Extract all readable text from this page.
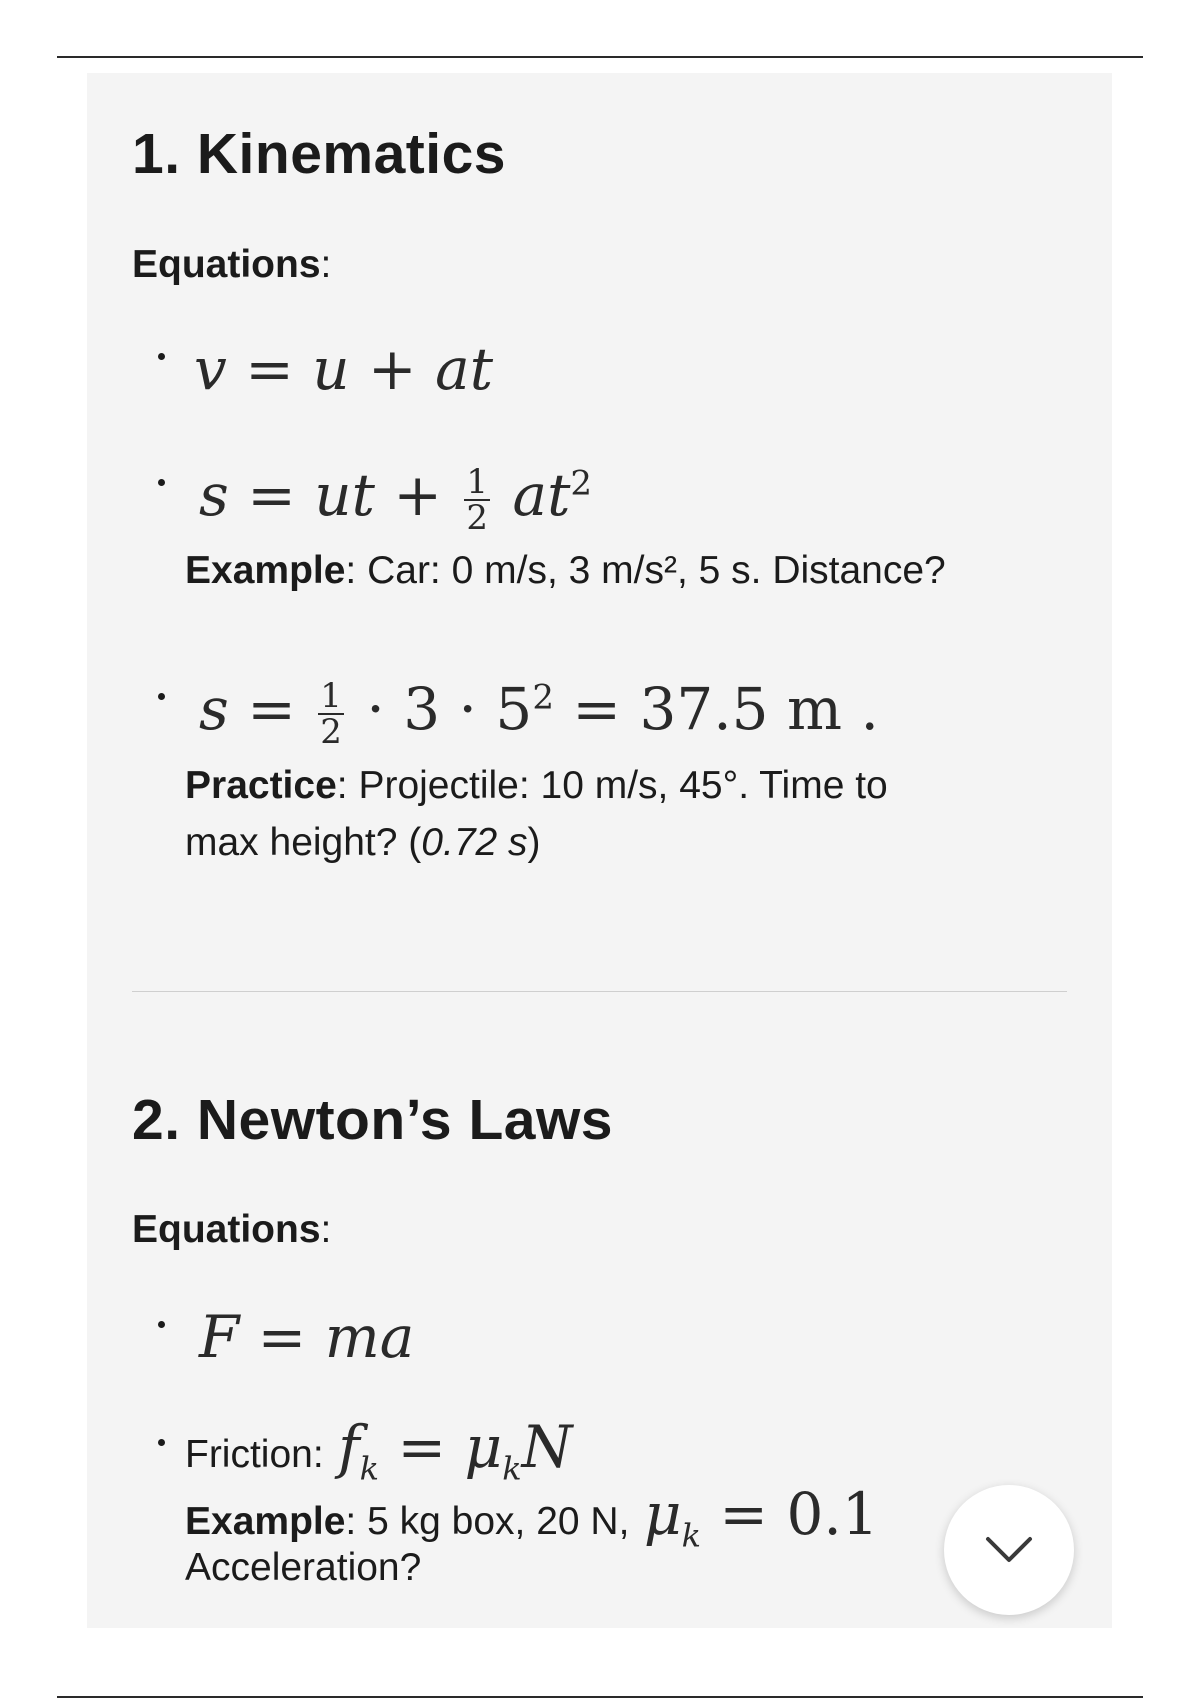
1. Kinematics
Equations:
v = u + at
s = ut + $\frac{1}{2} at^2$
Example: Car: 0 m/s, 3 m/s², 5 s. Distance?
$s = \frac{1}{2} \cdot 3 \cdot 5^2 = 37.5$ m .
Practice: Projectile: 10 m/s, 45°. Time to
max height? (0.72 s)
2. Newton’s Laws
Equations:
F = ma
Friction: $f_k = \mu_kN$
Example: 5 kg box, 20 N, $\mu_k = 0.1$
Acceleration?
